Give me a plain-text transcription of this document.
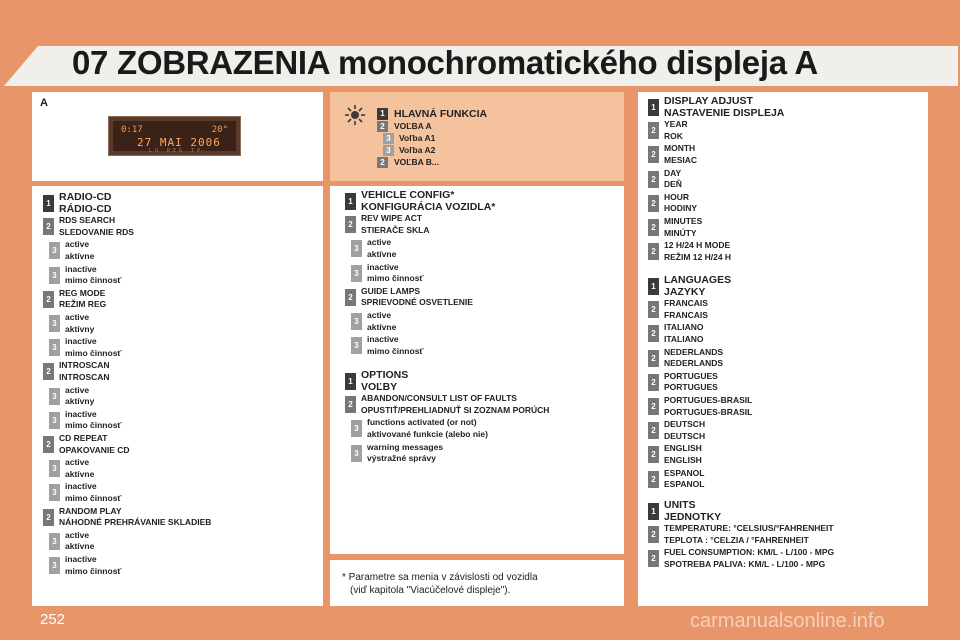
07 ZOBRAZENIA monochromatického displeja A
A
0:17	20°
27 MAI 2006
LU REG TP
1 HLAVNÁ FUNKCIA
2	VOĽBA A
3 Voľba A1
3 Voľba A2
2	VOĽBA B...
1
RADIO-CD
RÁDIO-CD
2
RDS SEARCH
SLEDOVANIE RDS
3
active
aktívne
3
inactive
mimo činnosť
2
REG MODE
REŽIM REG
3
active
aktívny
3
inactive
mimo činnosť
2
INTROSCAN
INTROSCAN
3
active
aktívny
3
inactive
mimo činnosť
2
CD REPEAT
OPAKOVANIE CD
3
active
aktívne
3
inactive
mimo činnosť
2
RANDOM PLAY
NÁHODNÉ PREHRÁVANIE SKLADIEB
3
active
aktívne
3
inactive
mimo činnosť
1
VEHICLE CONFIG*
KONFIGURÁCIA VOZIDLA*
2
REV WIPE ACT
STIERAČE SKLA
3
active
aktívne
3
inactive
mimo činnosť
2
GUIDE LAMPS
SPRIEVODNÉ OSVETLENIE
3
active
aktívne
3
inactive
mimo činnosť
1
OPTIONS
VOĽBY
2
ABANDON/CONSULT LIST OF FAULTS
OPUSTIŤ/PREHLIADNUŤ SI ZOZNAM PORÚCH
3
functions activated (or not)
aktivované funkcie (alebo nie)
3
warning messages
výstražné správy
* Parametre sa menia v závislosti od vozidla
(viď kapitola "Viacúčelové displeje").
1
DISPLAY ADJUST
NASTAVENIE DISPLEJA
2
YEAR
ROK
2
MONTH
MESIAC
2
DAY
DEŇ
2
HOUR
HODINY
2
MINUTES
MINÚTY
2
12 H/24 H MODE
REŽIM 12 H/24 H
1
LANGUAGES
JAZYKY
2
FRANCAIS
FRANCAIS
2
ITALIANO
ITALIANO
2
NEDERLANDS
NEDERLANDS
2
PORTUGUES
PORTUGUES
2
PORTUGUES-BRASIL
PORTUGUES-BRASIL
2
DEUTSCH
DEUTSCH
2
ENGLISH
ENGLISH
2
ESPANOL
ESPANOL
1
UNITS
JEDNOTKY
2
TEMPERATURE: °CELSIUS/°FAHRENHEIT
TEPLOTA : °CELZIA / °FAHRENHEIT
2
FUEL CONSUMPTION: KM/L - L/100 - MPG
SPOTREBA PALIVA: KM/L - L/100 - MPG
252	carmanualsonline.info
